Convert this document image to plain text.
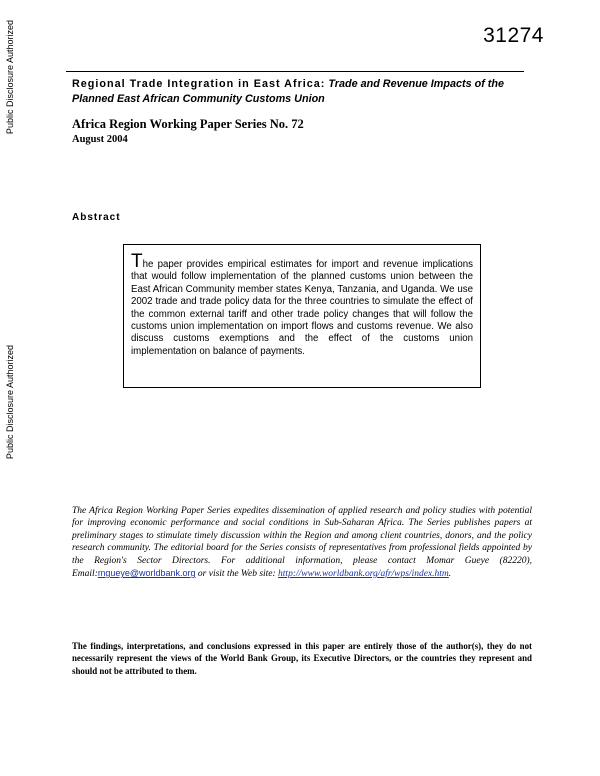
Public Disclosure Authorized
Public Disclosure Authorized
31274
Regional Trade Integration in East Africa: Trade and Revenue Impacts of the Planned East African Community Customs Union
Africa Region Working Paper Series No. 72
August 2004
Abstract

The paper provides empirical estimates for import and revenue implications that would follow implementation of the planned customs union between the East African Community member states Kenya, Tanzania, and Uganda. We use 2002 trade and trade policy data for the three countries to simulate the effect of the common external tariff and other trade policy changes that will follow the customs union implementation on import flows and customs revenue. We also discuss customs exemptions and the effect of the customs union implementation on balance of payments.

The Africa Region Working Paper Series expedites dissemination of applied research and policy studies with potential for improving economic performance and social conditions in Sub-Saharan Africa. The Series publishes papers at preliminary stages to stimulate timely discussion within the Region and among client countries, donors, and the policy research community. The editorial board for the Series consists of representatives from professional fields appointed by the Region's Sector Directors. For additional information, please contact Momar Gueye (82220), Email:mgueye@worldbank.org or visit the Web site: http://www.worldbank.org/afr/wps/index.htm.

The findings, interpretations, and conclusions expressed in this paper are entirely those of the author(s), they do not necessarily represent the views of the World Bank Group, its Executive Directors, or the countries they represent and should not be attributed to them.
